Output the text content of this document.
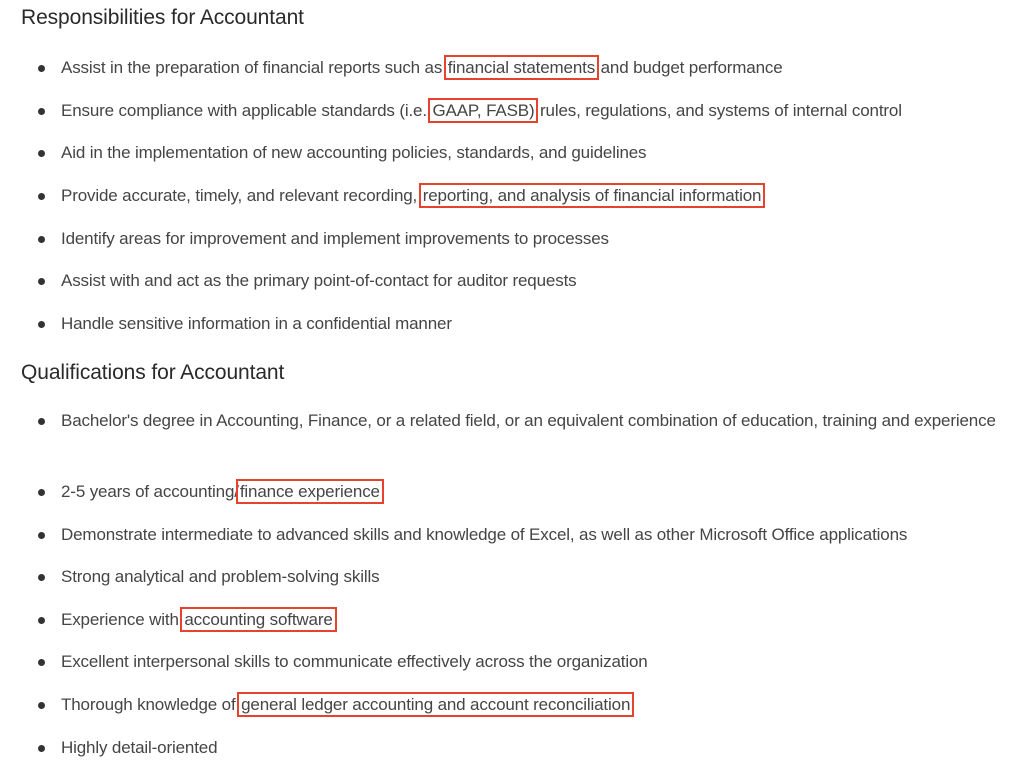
Responsibilities for Accountant
Assist in the preparation of financial reports such as financial statements and budget performance
Ensure compliance with applicable standards (i.e. GAAP, FASB) rules, regulations, and systems of internal control
Aid in the implementation of new accounting policies, standards, and guidelines
Provide accurate, timely, and relevant recording, reporting, and analysis of financial information
Identify areas for improvement and implement improvements to processes
Assist with and act as the primary point-of-contact for auditor requests
Handle sensitive information in a confidential manner
Qualifications for Accountant
Bachelor's degree in Accounting, Finance, or a related field, or an equivalent combination of education, training and experience
2-5 years of accounting/finance experience
Demonstrate intermediate to advanced skills and knowledge of Excel, as well as other Microsoft Office applications
Strong analytical and problem-solving skills
Experience with accounting software
Excellent interpersonal skills to communicate effectively across the organization
Thorough knowledge of general ledger accounting and account reconciliation
Highly detail-oriented
